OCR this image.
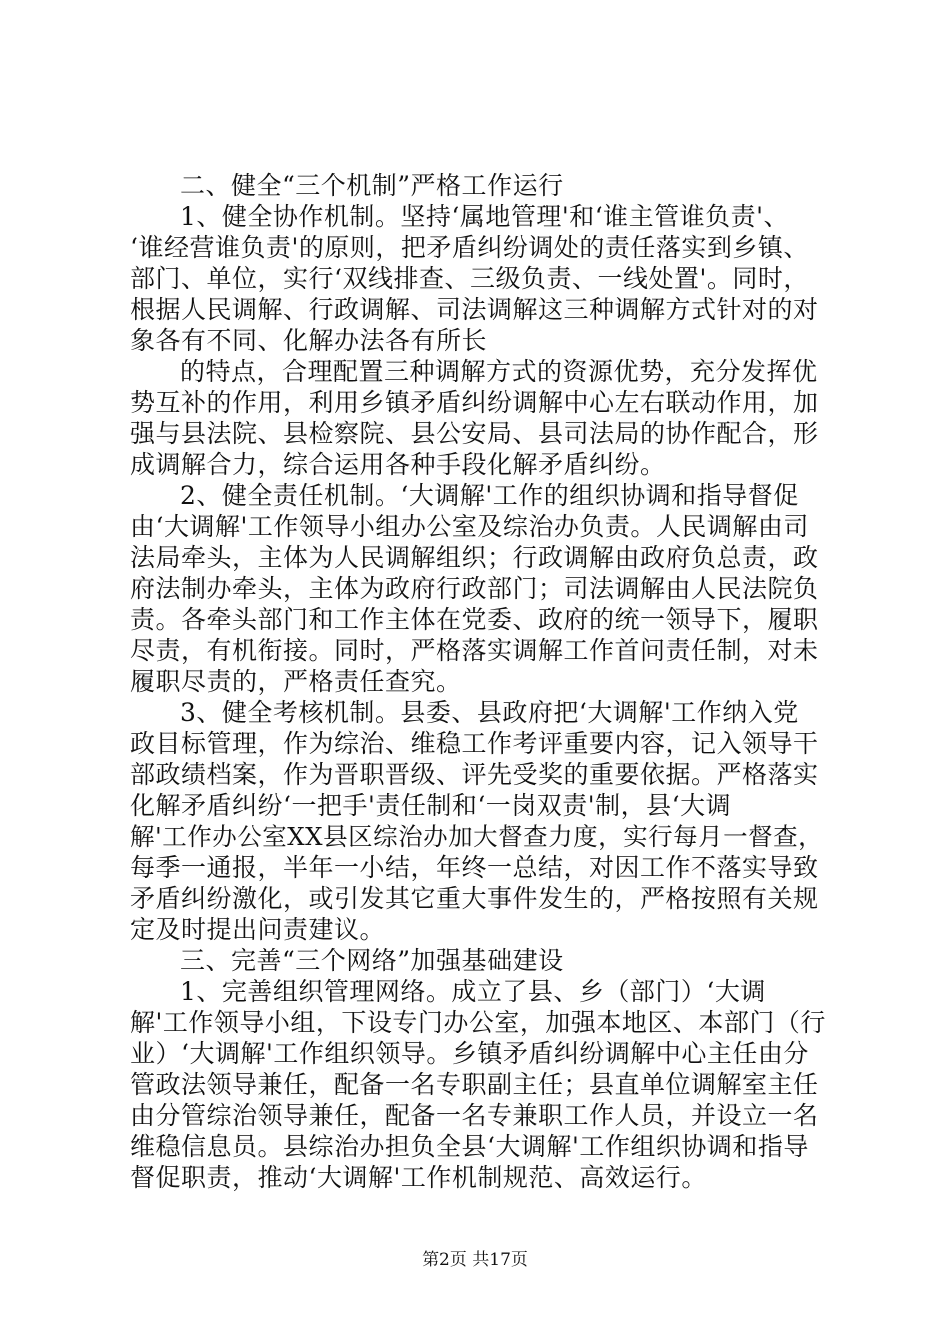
二、健全“三个机制”严格工作运行
1、健全协作机制。坚持‘属地管理'和‘谁主管谁负责'、
‘谁经营谁负责'的原则，把矛盾纠纷调处的责任落实到乡镇、
部门、单位，实行‘双线排查、三级负责、一线处置'。同时，
根据人民调解、行政调解、司法调解这三种调解方式针对的对
象各有不同、化解办法各有所长
的特点，合理配置三种调解方式的资源优势，充分发挥优
势互补的作用，利用乡镇矛盾纠纷调解中心左右联动作用，加
强与县法院、县检察院、县公安局、县司法局的协作配合，形
成调解合力，综合运用各种手段化解矛盾纠纷。
2、健全责任机制。‘大调解'工作的组织协调和指导督促
由‘大调解'工作领导小组办公室及综治办负责。人民调解由司
法局牵头，主体为人民调解组织；行政调解由政府负总责，政
府法制办牵头，主体为政府行政部门；司法调解由人民法院负
责。各牵头部门和工作主体在党委、政府的统一领导下，履职
尽责，有机衔接。同时，严格落实调解工作首问责任制，对未
履职尽责的，严格责任查究。
3、健全考核机制。县委、县政府把‘大调解'工作纳入党
政目标管理，作为综治、维稳工作考评重要内容，记入领导干
部政绩档案，作为晋职晋级、评先受奖的重要依据。严格落实
化解矛盾纠纷‘一把手'责任制和‘一岗双责'制，县‘大调
解'工作办公室XX县区综治办加大督查力度，实行每月一督查，
每季一通报，半年一小结，年终一总结，对因工作不落实导致
矛盾纠纷激化，或引发其它重大事件发生的，严格按照有关规
定及时提出问责建议。
三、完善“三个网络”加强基础建设
1、完善组织管理网络。成立了县、乡（部门）‘大调
解'工作领导小组，下设专门办公室，加强本地区、本部门（行
业）‘大调解'工作组织领导。乡镇矛盾纠纷调解中心主任由分
管政法领导兼任，配备一名专职副主任；县直单位调解室主任
由分管综治领导兼任，配备一名专兼职工作人员，并设立一名
维稳信息员。县综治办担负全县‘大调解'工作组织协调和指导
督促职责，推动‘大调解'工作机制规范、高效运行。
第2页 共17页
